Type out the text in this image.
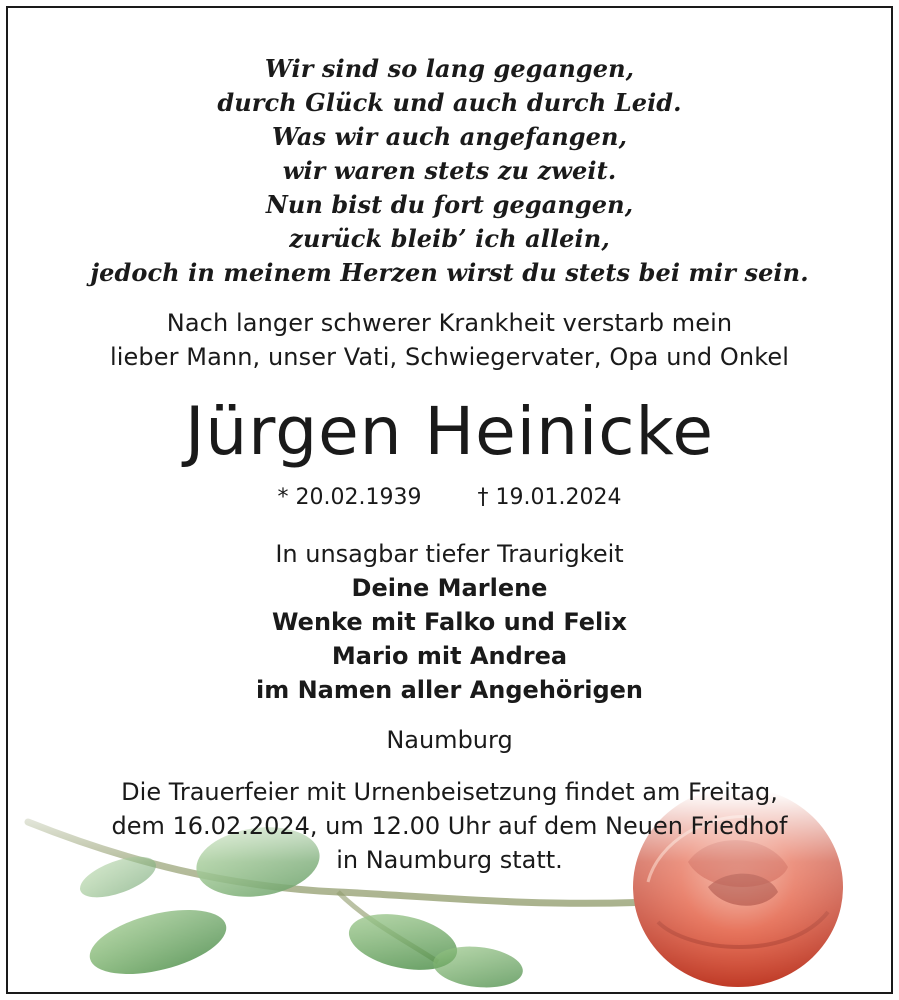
Wir sind so lang gegangen,
durch Glück und auch durch Leid.
Was wir auch angefangen,
wir waren stets zu zweit.
Nun bist du fort gegangen,
zurück bleib’ ich allein,
jedoch in meinem Herzen wirst du stets bei mir sein.
Nach langer schwerer Krankheit verstarb mein
lieber Mann, unser Vati, Schwiegervater, Opa und Onkel
Jürgen Heinicke
* 20.02.1939	† 19.01.2024
In unsagbar tiefer Traurigkeit
Deine Marlene
Wenke mit Falko und Felix
Mario mit Andrea
im Namen aller Angehörigen
Naumburg
Die Trauerfeier mit Urnenbeisetzung findet am Freitag,
dem 16.02.2024, um 12.00 Uhr auf dem Neuen Friedhof
in Naumburg statt.
